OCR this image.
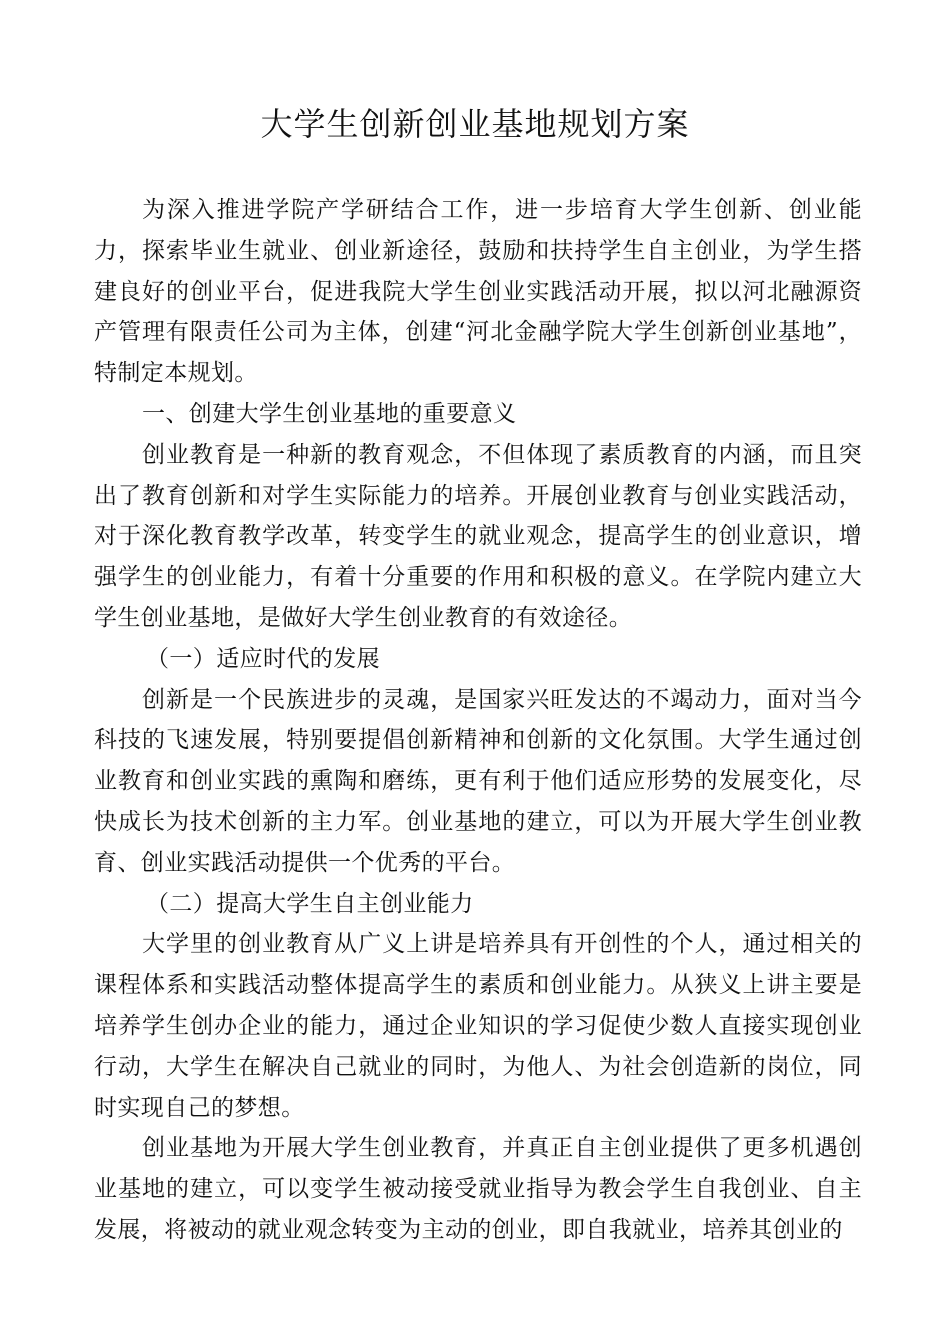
大学生创新创业基地规划方案

为深入推进学院产学研结合工作，进一步培育大学生创新、创业能力，探索毕业生就业、创业新途径，鼓励和扶持学生自主创业，为学生搭建良好的创业平台，促进我院大学生创业实践活动开展，拟以河北融源资产管理有限责任公司为主体，创建“河北金融学院大学生创新创业基地”，特制定本规划。

一、创建大学生创业基地的重要意义

创业教育是一种新的教育观念，不但体现了素质教育的内涵，而且突出了教育创新和对学生实际能力的培养。开展创业教育与创业实践活动，对于深化教育教学改革，转变学生的就业观念，提高学生的创业意识，增强学生的创业能力，有着十分重要的作用和积极的意义。在学院内建立大学生创业基地，是做好大学生创业教育的有效途径。

（一）适应时代的发展

创新是一个民族进步的灵魂，是国家兴旺发达的不竭动力，面对当今科技的飞速发展，特别要提倡创新精神和创新的文化氛围。大学生通过创业教育和创业实践的熏陶和磨练，更有利于他们适应形势的发展变化，尽快成长为技术创新的主力军。创业基地的建立，可以为开展大学生创业教育、创业实践活动提供一个优秀的平台。

（二）提高大学生自主创业能力

大学里的创业教育从广义上讲是培养具有开创性的个人，通过相关的课程体系和实践活动整体提高学生的素质和创业能力。从狭义上讲主要是培养学生创办企业的能力，通过企业知识的学习促使少数人直接实现创业行动，大学生在解决自己就业的同时，为他人、为社会创造新的岗位，同时实现自己的梦想。

创业基地为开展大学生创业教育，并真正自主创业提供了更多机遇创业基地的建立，可以变学生被动接受就业指导为教会学生自我创业、自主发展，将被动的就业观念转变为主动的创业，即自我就业，培养其创业的
